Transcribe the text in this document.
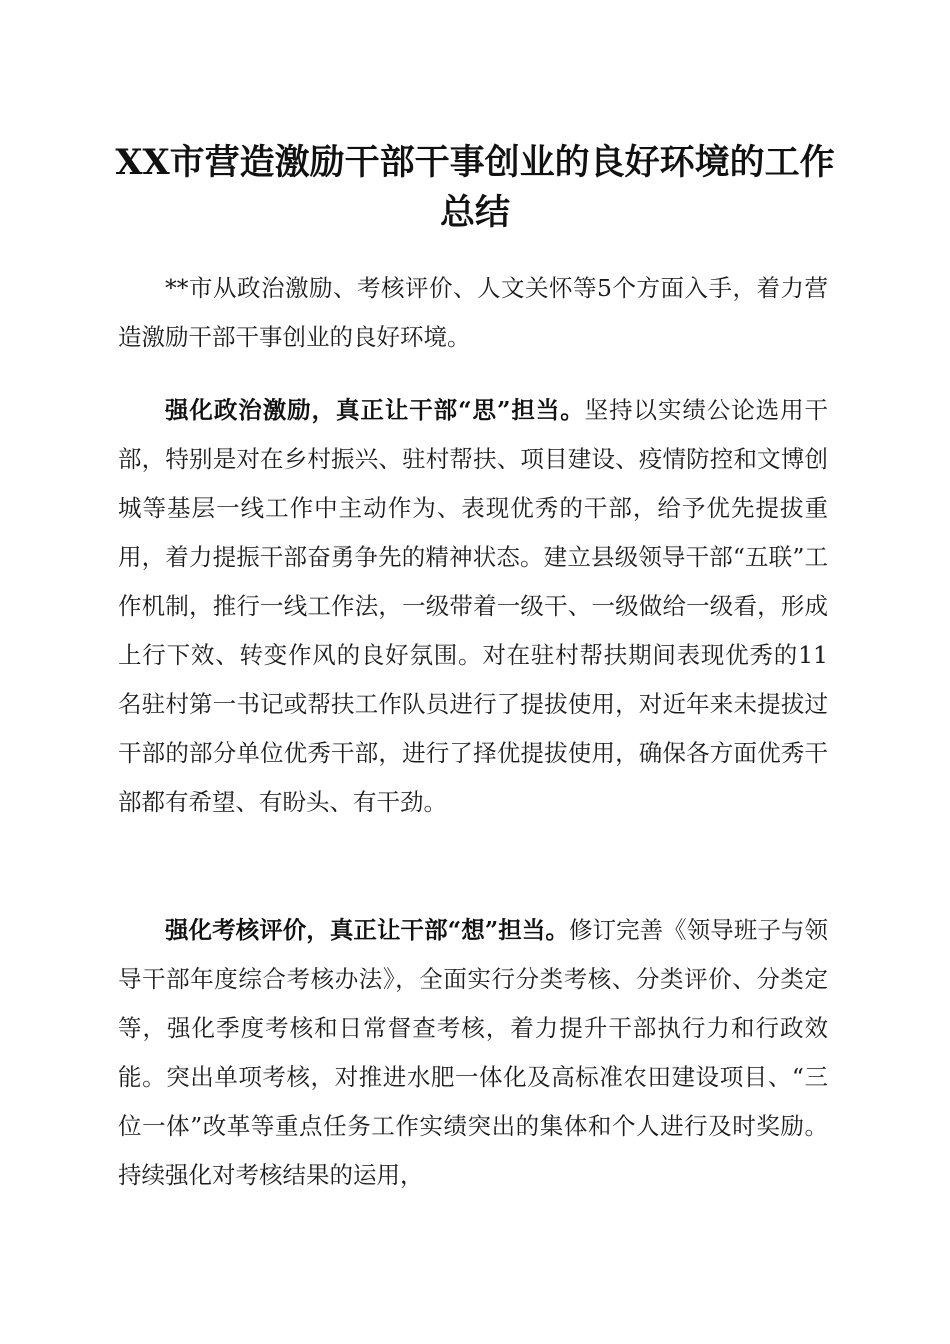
XX市营造激励干部干事创业的良好环境的工作总结

**市从政治激励、考核评价、人文关怀等5个方面入手，着力营造激励干部干事创业的良好环境。

强化政治激励，真正让干部“思”担当。坚持以实绩公论选用干部，特别是对在乡村振兴、驻村帮扶、项目建设、疫情防控和文博创城等基层一线工作中主动作为、表现优秀的干部，给予优先提拔重用，着力提振干部奋勇争先的精神状态。建立县级领导干部“五联”工作机制，推行一线工作法，一级带着一级干、一级做给一级看，形成上行下效、转变作风的良好氛围。对在驻村帮扶期间表现优秀的11名驻村第一书记或帮扶工作队员进行了提拔使用，对近年来未提拔过干部的部分单位优秀干部，进行了择优提拔使用，确保各方面优秀干部都有希望、有盼头、有干劲。

强化考核评价，真正让干部“想”担当。修订完善《领导班子与领导干部年度综合考核办法》，全面实行分类考核、分类评价、分类定等，强化季度考核和日常督查考核，着力提升干部执行力和行政效能。突出单项考核，对推进水肥一体化及高标准农田建设项目、“三位一体”改革等重点任务工作实绩突出的集体和个人进行及时奖励。持续强化对考核结果的运用，
